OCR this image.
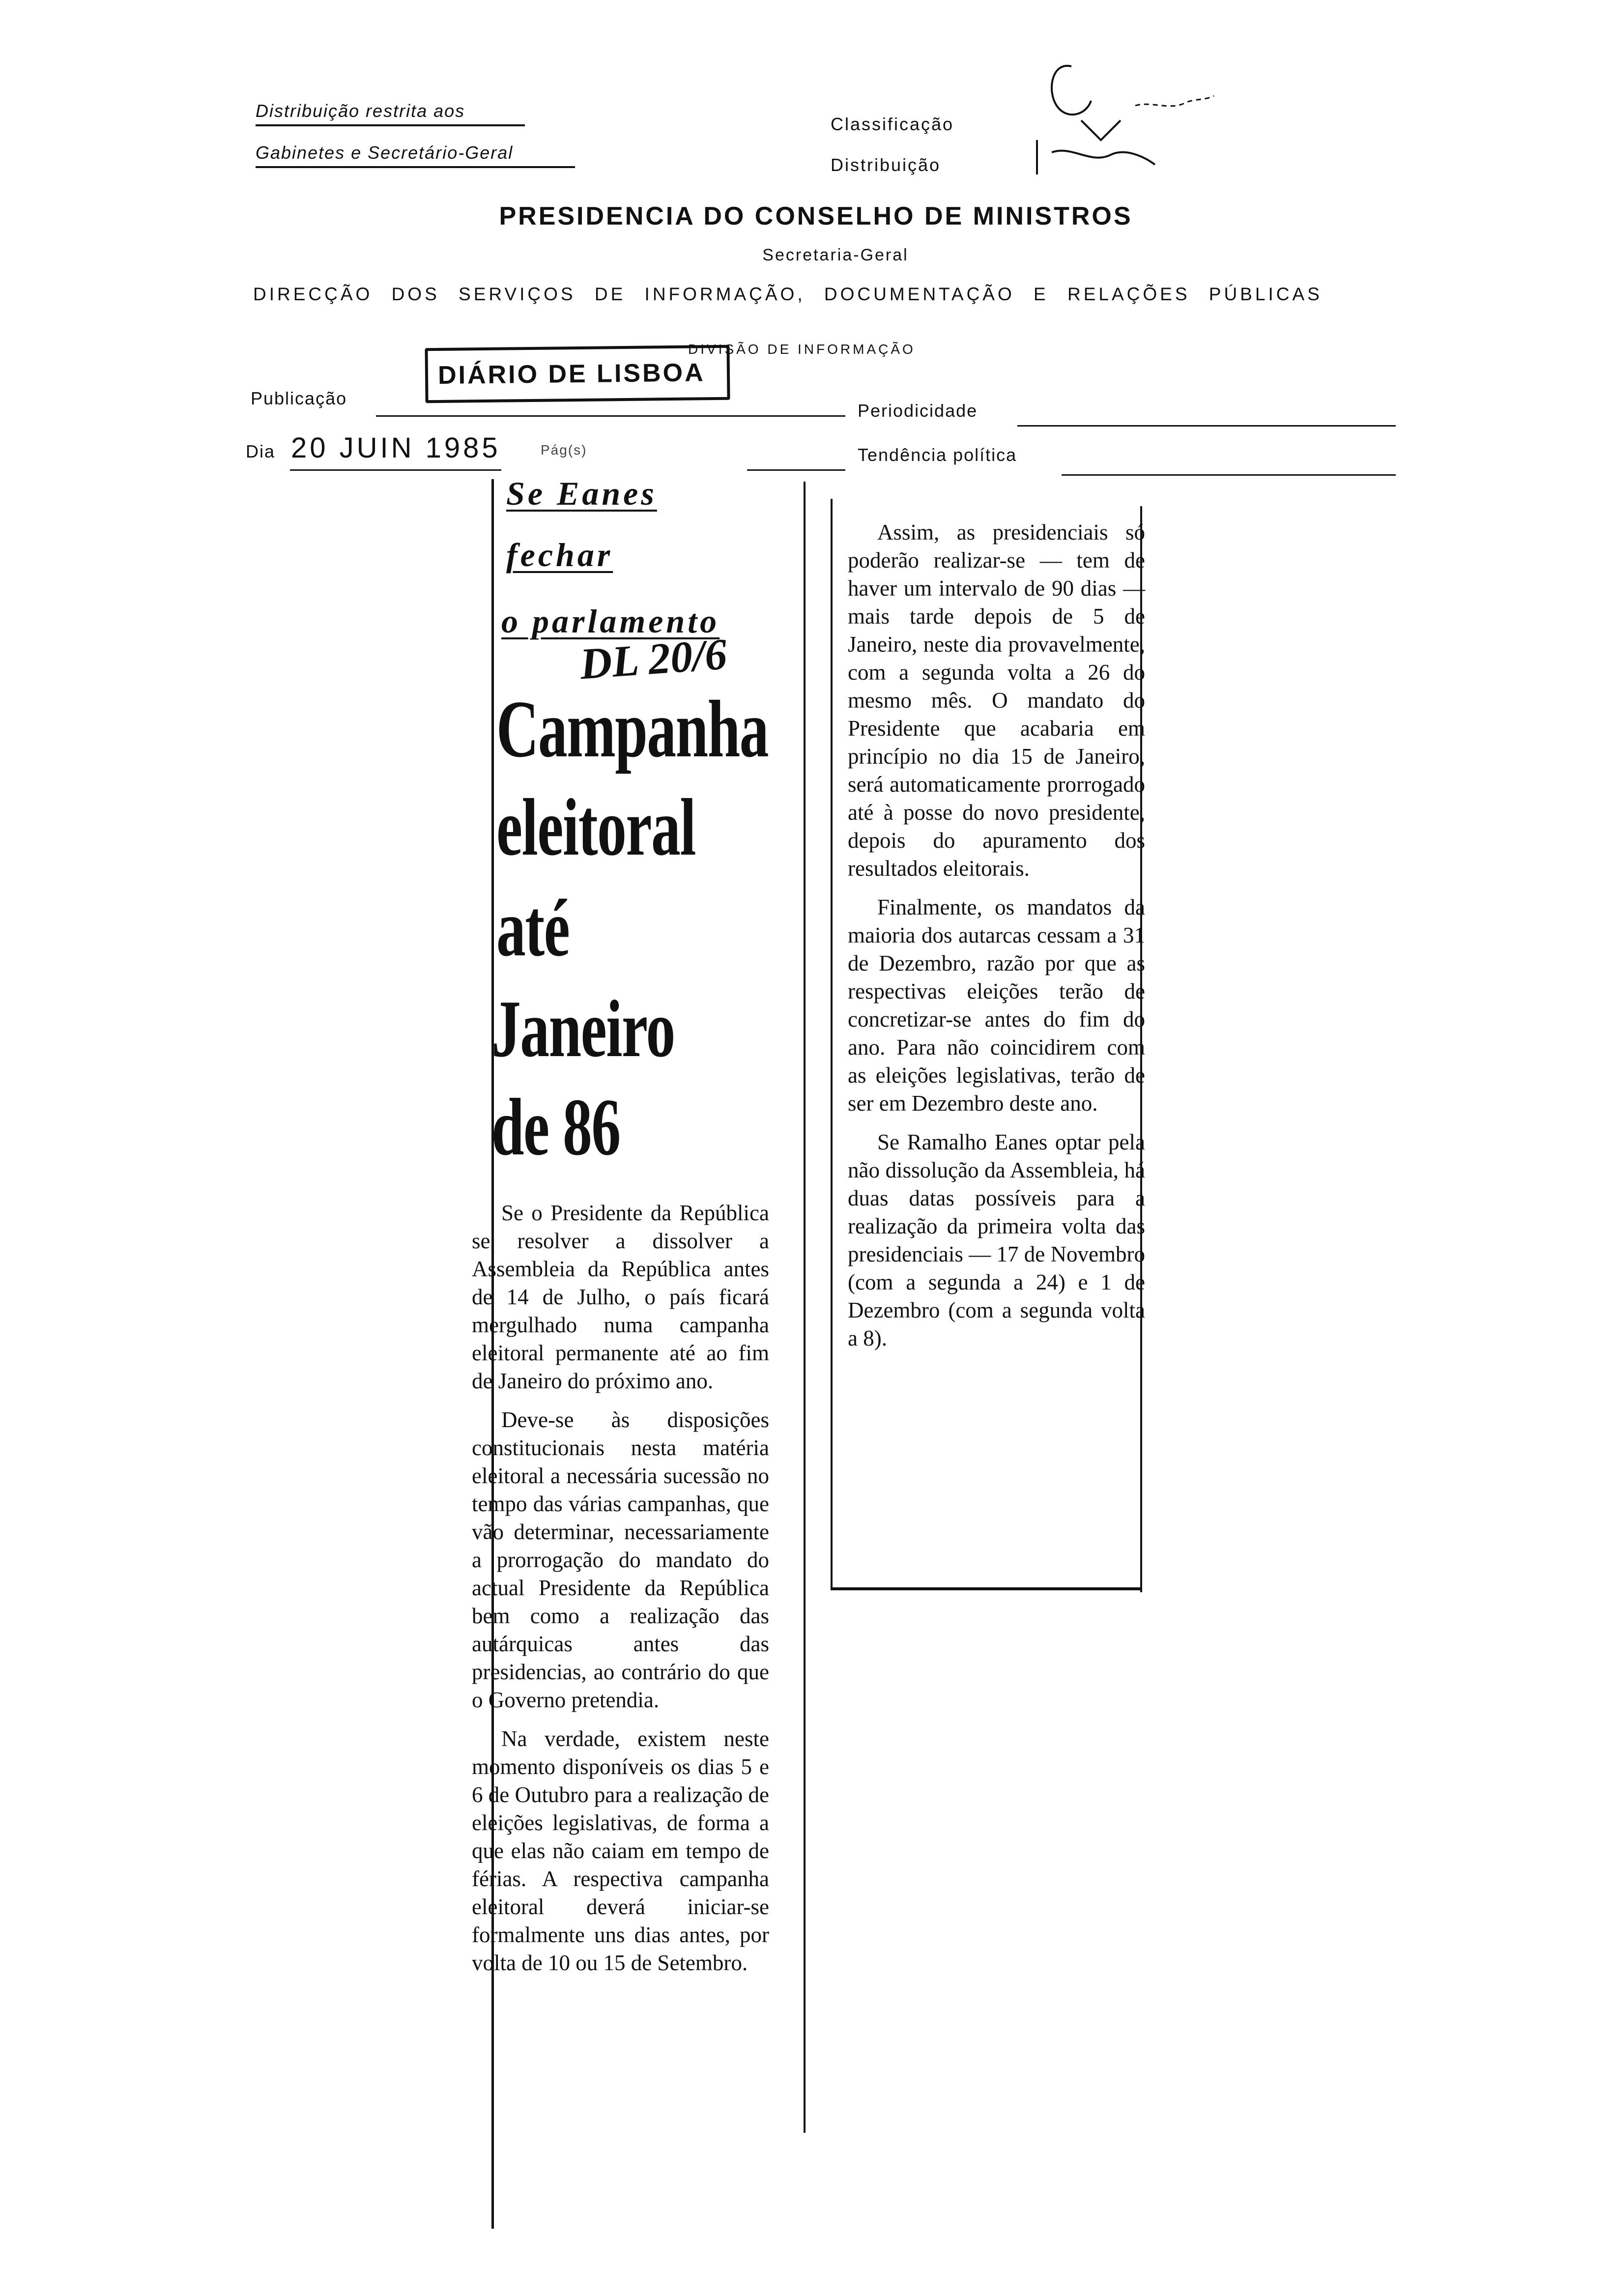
Distribuição restrita aos
Gabinetes e Secretário-Geral
Classificação
Distribuição
PRESIDENCIA DO CONSELHO DE MINISTROS
Secretaria-Geral
DIRECÇÃO DOS SERVIÇOS DE INFORMAÇÃO, DOCUMENTAÇÃO E RELAÇÕES PÚBLICAS
DIVISÃO DE INFORMAÇÃO
Publicação
DIÁRIO DE LISBOA
Periodicidade
Dia 20 JUIN 1985	Pág(s)	Tendência política
Se Eanes
fechar
o parlamento
DL 20/6
Campanha
eleitoral
até
Janeiro
de 86

Se o Presidente da República se resolver a dissolver a Assembleia da República antes de 14 de Julho, o país ficará mergulhado numa campanha eleitoral permanente até ao fim de Janeiro do próximo ano.

Deve-se às disposições constitucionais nesta matéria eleitoral a necessária sucessão no tempo das várias campanhas, que vão determinar, necessariamente a prorrogação do mandato do actual Presidente da República bem como a realização das autárquicas antes das presidencias, ao contrário do que o Governo pretendia.

Na verdade, existem neste momento disponíveis os dias 5 e 6 de Outubro para a realização de eleições legislativas, de forma a que elas não caiam em tempo de férias. A respectiva campanha eleitoral deverá iniciar-se formalmente uns dias antes, por volta de 10 ou 15 de Setembro.

Assim, as presidenciais só poderão realizar-se — tem de haver um intervalo de 90 dias — mais tarde depois de 5 de Janeiro, neste dia provavelmente, com a segunda volta a 26 do mesmo mês. O mandato do Presidente que acabaria em princípio no dia 15 de Janeiro, será automaticamente prorrogado até à posse do novo presidente, depois do apuramento dos resultados eleitorais.

Finalmente, os mandatos da maioria dos autarcas cessam a 31 de Dezembro, razão por que as respectivas eleições terão de concretizar-se antes do fim do ano. Para não coincidirem com as eleições legislativas, terão de ser em Dezembro deste ano.

Se Ramalho Eanes optar pela não dissolução da Assembleia, há duas datas possíveis para a realização da primeira volta das presidenciais — 17 de Novembro (com a segunda a 24) e 1 de Dezembro (com a segunda volta a 8).
